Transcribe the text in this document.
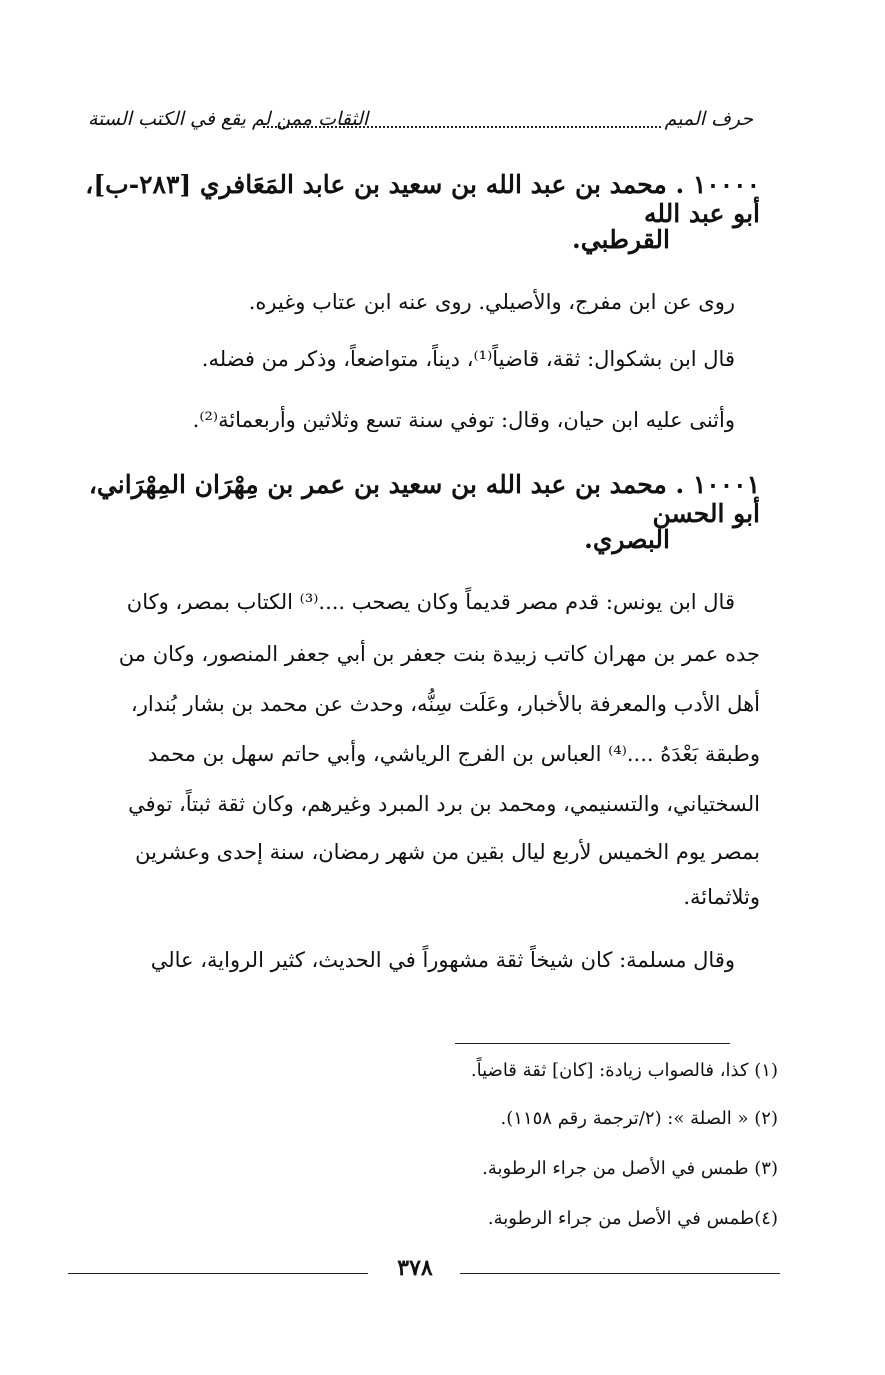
حرف الميم
الثقات ممن لم يقع في الكتب الستة
١٠٠٠٠ . محمد بن عبد الله بن سعيد بن عابد المَعَافري [٢٨٣-ب]، أبو عبد الله
القرطبي.
روى عن ابن مفرج، والأصيلي. روى عنه ابن عتاب وغيره.
قال ابن بشكوال: ثقة، قاضياً⁽¹⁾، ديناً، متواضعاً، وذكر من فضله.
وأثنى عليه ابن حيان، وقال: توفي سنة تسع وثلاثين وأربعمائة⁽²⁾.
١٠٠٠١ . محمد بن عبد الله بن سعيد بن عمر بن مِهْرَان المِهْرَاني، أبو الحسن
البصري.
قال ابن يونس: قدم مصر قديماً وكان يصحب ....⁽³⁾ الكتاب بمصر، وكان
جده عمر بن مهران كاتب زبيدة بنت جعفر بن أبي جعفر المنصور، وكان من
أهل الأدب والمعرفة بالأخبار، وعَلَت سِنُّه، وحدث عن محمد بن بشار بُندار،
وطبقة بَعْدَهُ ....⁽⁴⁾ العباس بن الفرج الرياشي، وأبي حاتم سهل بن محمد
السختياني، والتسنيمي، ومحمد بن برد المبرد وغيرهم، وكان ثقة ثبتاً، توفي
بمصر يوم الخميس لأربع ليال بقين من شهر رمضان، سنة إحدى وعشرين
وثلاثمائة.
وقال مسلمة: كان شيخاً ثقة مشهوراً في الحديث، كثير الرواية، عالي
(١) كذا، فالصواب زيادة: [كان] ثقة قاضياً.
(٢) « الصلة »: (٢/ترجمة رقم ١١٥٨).
(٣) طمس في الأصل من جراء الرطوبة.
(٤)طمس في الأصل من جراء الرطوبة.
٣٧٨
